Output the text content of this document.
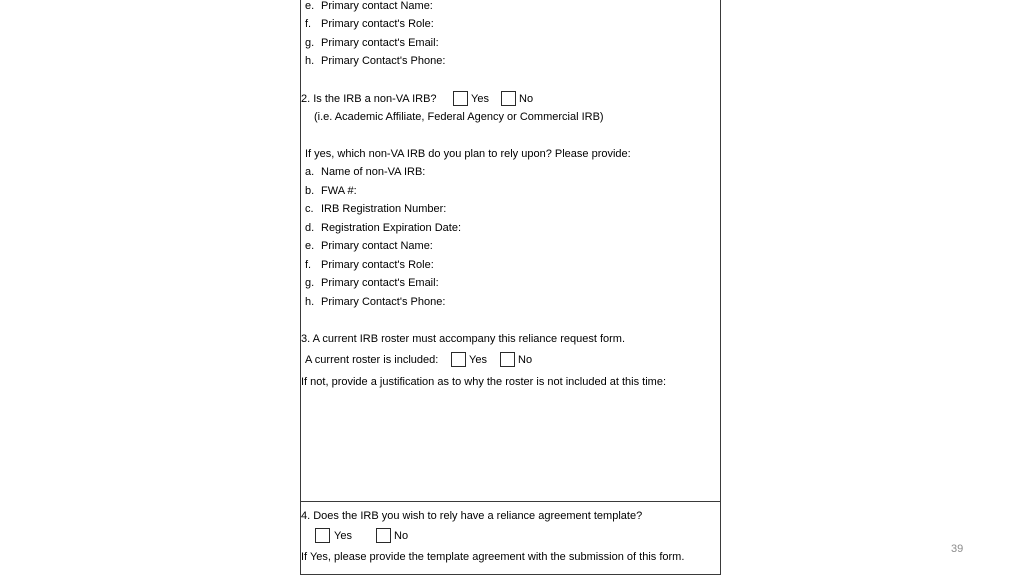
e. Primary contact Name:
f. Primary contact's Role:
g. Primary contact's Email:
h. Primary Contact's Phone:
2. Is the IRB a non-VA IRB?	Yes	No
(i.e. Academic Affiliate, Federal Agency or Commercial IRB)
If yes, which non-VA IRB do you plan to rely upon? Please provide:
a. Name of non-VA IRB:
b. FWA #:
c. IRB Registration Number:
d. Registration Expiration Date:
e. Primary contact Name:
f. Primary contact's Role:
g. Primary contact's Email:
h. Primary Contact's Phone:
3. A current IRB roster must accompany this reliance request form.
A current roster is included:	Yes	No
If not, provide a justification as to why the roster is not included at this time:
4. Does the IRB you wish to rely have a reliance agreement template?
Yes	No
If Yes, please provide the template agreement with the submission of this form.
39
